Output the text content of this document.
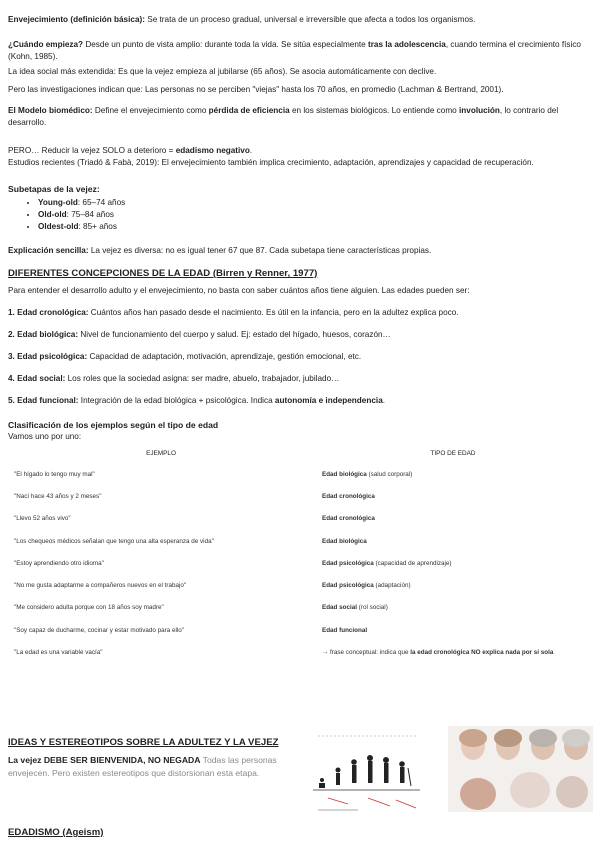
Envejecimiento (definición básica): Se trata de un proceso gradual, universal e irreversible que afecta a todos los organismos.

¿Cuándo empieza? Desde un punto de vista amplio: durante toda la vida. Se sitúa especialmente tras la adolescencia, cuando termina el crecimiento físico (Kohn, 1985).

La idea social más extendida: Es que la vejez empieza al jubilarse (65 años). Se asocia automáticamente con declive.

Pero las investigaciones indican que: Las personas no se perciben "viejas" hasta los 70 años, en promedio (Lachman & Bertrand, 2001).

El Modelo biomédico: Define el envejecimiento como pérdida de eficiencia en los sistemas biológicos. Lo entiende como involución, lo contrario del desarrollo.

PERO… Reducir la vejez SOLO a deterioro = edadismo negativo.

Estudios recientes (Triadó & Fabà, 2019): El envejecimiento también implica crecimiento, adaptación, aprendizajes y capacidad de recuperación.

Subetapas de la vejez:

• Young-old: 65–74 años
• Old-old: 75–84 años
• Oldest-old: 85+ años

Explicación sencilla: La vejez es diversa: no es igual tener 67 que 87. Cada subetapa tiene características propias.

DIFERENTES CONCEPCIONES DE LA EDAD (Birren y Renner, 1977)

Para entender el desarrollo adulto y el envejecimiento, no basta con saber cuántos años tiene alguien. Las edades pueden ser:

1. Edad cronológica: Cuántos años han pasado desde el nacimiento. Es útil en la infancia, pero en la adultez explica poco.

2. Edad biológica: Nivel de funcionamiento del cuerpo y salud. Ej: estado del hígado, huesos, corazón…

3. Edad psicológica: Capacidad de adaptación, motivación, aprendizaje, gestión emocional, etc.

4. Edad social: Los roles que la sociedad asigna: ser madre, abuelo, trabajador, jubilado…

5. Edad funcional: Integración de la edad biológica + psicológica. Indica autonomía e independencia.

Clasificación de los ejemplos según el tipo de edad

Vamos uno por uno:

EJEMPLO	TIPO DE EDAD
"El hígado lo tengo muy mal"	Edad biológica (salud corporal)
"Nací hace 43 años y 2 meses"	Edad cronológica
"Llevo 52 años vivo"	Edad cronológica
"Los chequeos médicos señalan que tengo una alta esperanza de vida"	Edad biológica
"Estoy aprendiendo otro idioma"	Edad psicológica (capacidad de aprendizaje)
"No me gusta adaptarme a compañeros nuevos en el trabajo"	Edad psicológica (adaptación)
"Me considero adulta porque con 18 años soy madre"	Edad social (rol social)
"Soy capaz de ducharme, cocinar y estar motivado para ello"	Edad funcional
"La edad es una variable vacía"	→ frase conceptual: indica que la edad cronológica NO explica nada por sí sola

IDEAS Y ESTEREOTIPOS SOBRE LA ADULTEZ Y LA VEJEZ

La vejez DEBE SER BIENVENIDA, NO NEGADA Todas las personas envejecen. Pero existen estereotipos que distorsionan esta etapa.

EDADISMO (Ageism)
